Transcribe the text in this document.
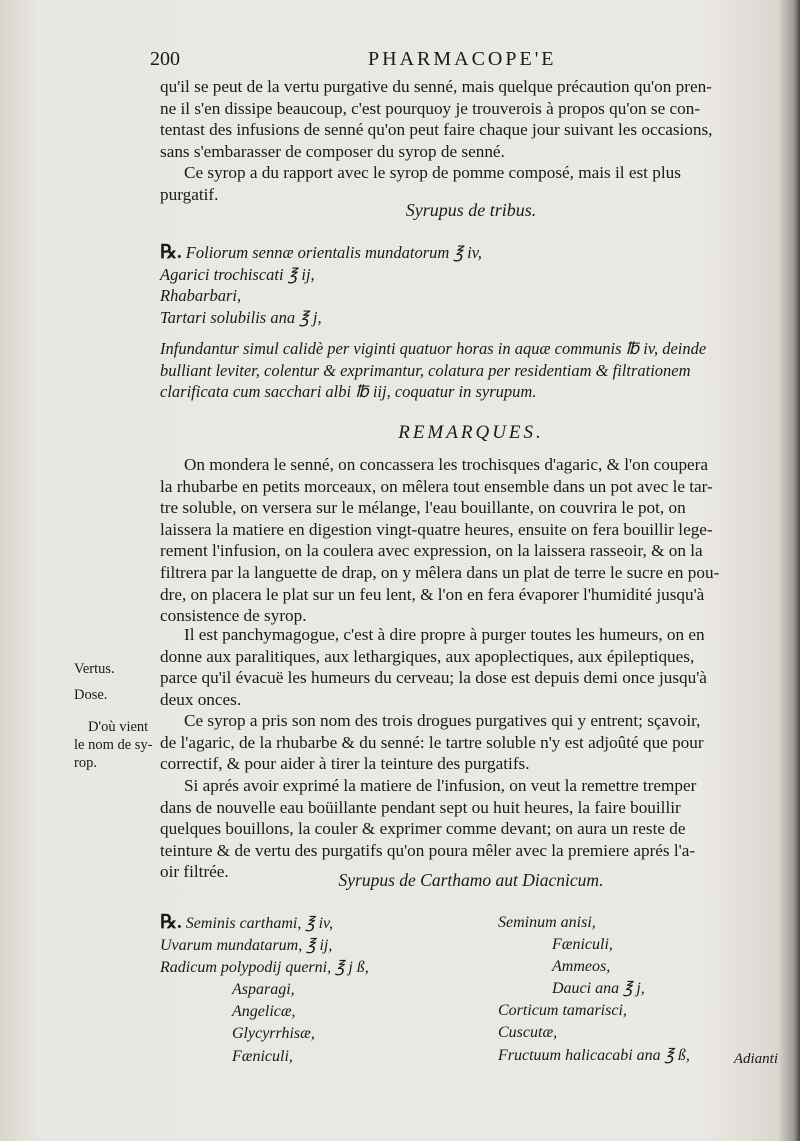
200	PHARMACOPE'E
qu'il se peut de la vertu purgative du senné, mais quelque précaution qu'on pren-
ne il s'en dissipe beaucoup, c'est pourquoy je trouverois à propos qu'on se con-
tentast des infusions de senné qu'on peut faire chaque jour suivant les occasions,
sans s'embarasser de composer du syrop de senné.
Ce syrop a du rapport avec le syrop de pomme composé, mais il est plus
purgatif.
Syrupus de tribus.
℞. Foliorum sennæ orientalis mundatorum ℥ iv,
Agarici trochiscati ℥ ij,
Rhabarbari,
Tartari solubilis ana ℥ j,
Infundantur simul calidè per viginti quatuor horas in aquæ communis ℔ iv, deinde
bulliant leviter, colentur & exprimantur, colatura per residentiam & filtrationem
clarificata cum sacchari albi ℔ iij, coquatur in syrupum.
REMARQUES.
On mondera le senné, on concassera les trochisques d'agaric, & l'on coupera
la rhubarbe en petits morceaux, on mêlera tout ensemble dans un pot avec le tar-
tre soluble, on versera sur le mélange, l'eau bouillante, on couvrira le pot, on
laissera la matiere en digestion vingt-quatre heures, ensuite on fera bouillir lege-
rement l'infusion, on la coulera avec expression, on la laissera rasseoir, & on la
filtrera par la languette de drap, on y mêlera dans un plat de terre le sucre en pou-
dre, on placera le plat sur un feu lent, & l'on en fera évaporer l'humidité jusqu'à
consistence de syrop.
Il est panchymagogue, c'est à dire propre à purger toutes les humeurs, on en
donne aux paralitiques, aux lethargiques, aux apoplectiques, aux épileptiques,
parce qu'il évacuë les humeurs du cerveau; la dose est depuis demi once jusqu'à
deux onces.
Ce syrop a pris son nom des trois drogues purgatives qui y entrent; sçavoir,
de l'agaric, de la rhubarbe & du senné: le tartre soluble n'y est adjoûté que pour
correctif, & pour aider à tirer la teinture des purgatifs.
Si aprés avoir exprimé la matiere de l'infusion, on veut la remettre tremper
dans de nouvelle eau boüillante pendant sept ou huit heures, la faire bouillir
quelques bouillons, la couler & exprimer comme devant; on aura un reste de
teinture & de vertu des purgatifs qu'on poura mêler avec la premiere aprés l'a-
oir filtrée.
Vertus.
Dose.
D'où vient
le nom de sy-
rop.
Syrupus de Carthamo aut Diacnicum.
℞. Seminis carthami, ℥ iv,
Uvarum mundatarum, ℥ ij,
Radicum polypodij querni, ℥ j ß,
Asparagi,
Angelicæ,
Glycyrrhisæ,
Fæniculi,
Seminum anisi,
Fæniculi,
Ammeos,
Dauci ana ℥ j,
Corticum tamarisci,
Cuscutæ,
Fructuum halicacabi ana ℥ ß,	Adianti
